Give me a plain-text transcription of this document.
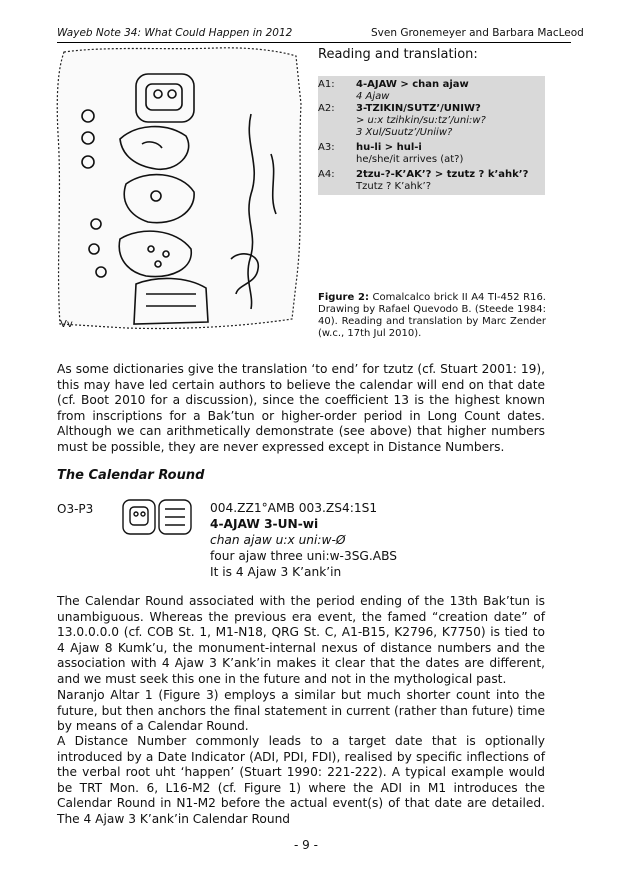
Wayeb Note 34: What Could Happen in 2012	Sven Gronemeyer and Barbara MacLeod
Vv
Reading and translation:
A1: 4-AJAW > chan ajaw
4 Ajaw
A2: 3-TZIKIN/SUTZ’/UNIW?
> u:x tzihkin/su:tz’/uni:w?
3 Xul/Suutz’/Uniiw?
A3: hu-li > hul-i
he/she/it arrives (at?)
A4: 2tzu-?-K’AK’? > tzutz ? k’ahk’?
Tzutz ? K’ahk’?
Figure 2: Comalcalco brick II A4 TI-452 R16. Drawing by Rafael Quevodo B. (Steede 1984: 40). Reading and translation by Marc Zender (w.c., 17th Jul 2010).
As some dictionaries give the translation ‘to end’ for tzutz (cf. Stuart 2001: 19), this may have led certain authors to believe the calendar will end on that date (cf. Boot 2010 for a discussion), since the coefficient 13 is the highest known from inscriptions for a Bak’tun or higher-order period in Long Count dates. Although we can arithmetically demonstrate (see above) that higher numbers must be possible, they are never expressed except in Distance Numbers.
The Calendar Round
O3-P3	004.ZZ1°AMB 003.ZS4:1S1
4-AJAW 3-UN-wi
chan ajaw u:x uni:w-Ø
four ajaw three uni:w-3SG.ABS
It is 4 Ajaw 3 K’ank’in
The Calendar Round associated with the period ending of the 13th Bak’tun is unambiguous. Whereas the previous era event, the famed “creation date” of 13.0.0.0.0 (cf. COB St. 1, M1-N18, QRG St. C, A1-B15, K2796, K7750) is tied to 4 Ajaw 8 Kumk’u, the monument-internal nexus of distance numbers and the association with 4 Ajaw 3 K’ank’in makes it clear that the dates are different, and we must seek this one in the future and not in the mythological past.
Naranjo Altar 1 (Figure 3) employs a similar but much shorter count into the future, but then anchors the final statement in current (rather than future) time by means of a Calendar Round.
A Distance Number commonly leads to a target date that is optionally introduced by a Date Indicator (ADI, PDI, FDI), realised by specific inflections of the verbal root uht ‘happen’ (Stuart 1990: 221-222). A typical example would be TRT Mon. 6, L16-M2 (cf. Figure 1) where the ADI in M1 introduces the Calendar Round in N1-M2 before the actual event(s) of that date are detailed. The 4 Ajaw 3 K’ank’in Calendar Round
- 9 -
